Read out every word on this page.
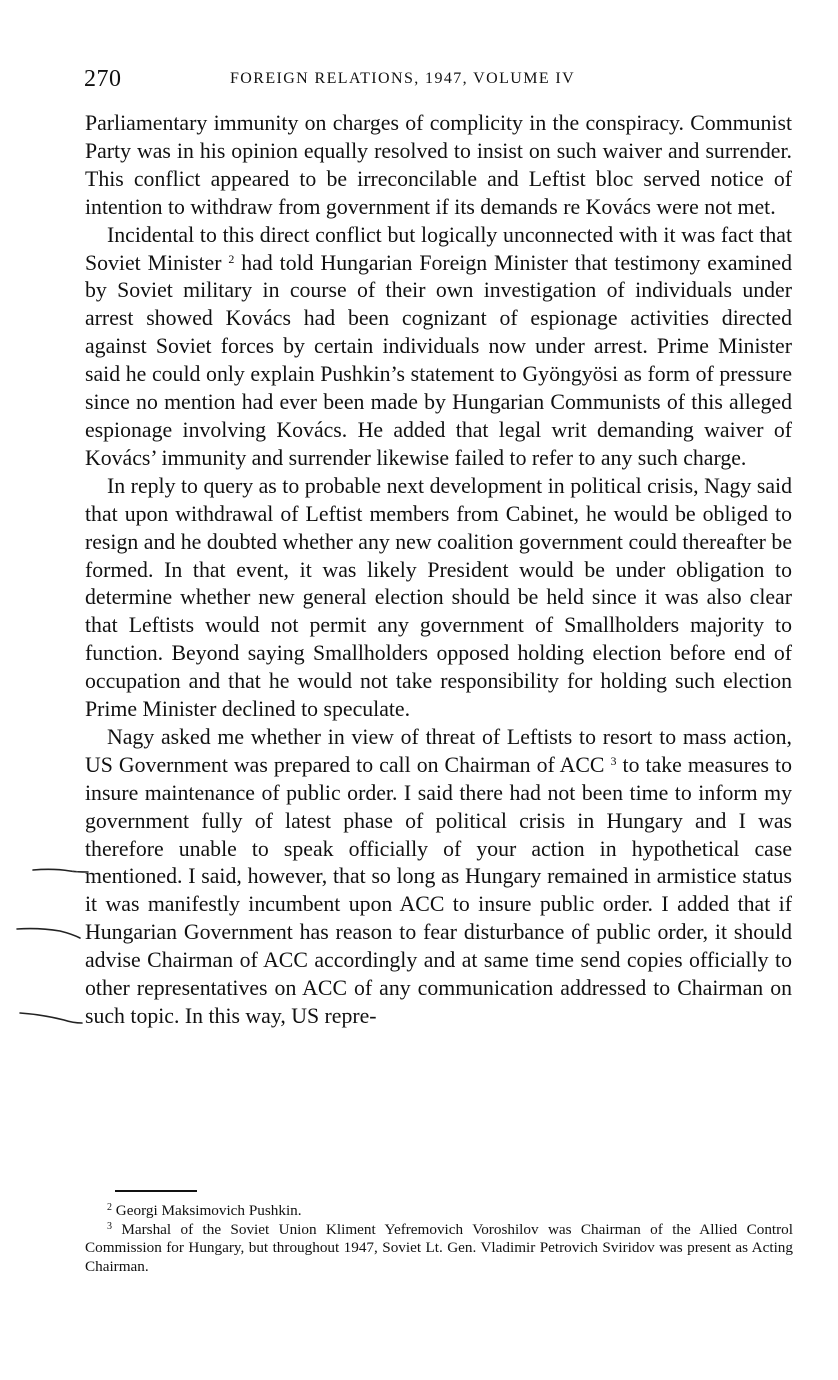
270	FOREIGN RELATIONS, 1947, VOLUME IV

Parliamentary immunity on charges of complicity in the conspiracy. Communist Party was in his opinion equally resolved to insist on such waiver and surrender. This conflict appeared to be irreconcilable and Leftist bloc served notice of intention to withdraw from government if its demands re Kovács were not met.

Incidental to this direct conflict but logically unconnected with it was fact that Soviet Minister $^2$ had told Hungarian Foreign Minister that testimony examined by Soviet military in course of their own investigation of individuals under arrest showed Kovács had been cognizant of espionage activities directed against Soviet forces by certain individuals now under arrest. Prime Minister said he could only explain Pushkin’s statement to Gyöngyösi as form of pressure since no mention had ever been made by Hungarian Communists of this alleged espionage involving Kovács. He added that legal writ demanding waiver of Kovács’ immunity and surrender likewise failed to refer to any such charge.

In reply to query as to probable next development in political crisis, Nagy said that upon withdrawal of Leftist members from Cabinet, he would be obliged to resign and he doubted whether any new coalition government could thereafter be formed. In that event, it was likely President would be under obligation to determine whether new general election should be held since it was also clear that Leftists would not permit any government of Smallholders majority to function. Beyond saying Smallholders opposed holding election before end of occupation and that he would not take responsibility for holding such election Prime Minister declined to speculate.

Nagy asked me whether in view of threat of Leftists to resort to mass action, US Government was prepared to call on Chairman of ACC $^3$ to take measures to insure maintenance of public order. I said there had not been time to inform my government fully of latest phase of political crisis in Hungary and I was therefore unable to speak officially of your action in hypothetical case mentioned. I said, however, that so long as Hungary remained in armistice status it was manifestly incumbent upon ACC to insure public order. I added that if Hungarian Government has reason to fear disturbance of public order, it should advise Chairman of ACC accordingly and at same time send copies officially to other representatives on ACC of any communication addressed to Chairman on such topic. In this way, US repre-

$^2$ Georgi Maksimovich Pushkin.

$^3$ Marshal of the Soviet Union Kliment Yefremovich Voroshilov was Chairman of the Allied Control Commission for Hungary, but throughout 1947, Soviet Lt. Gen. Vladimir Petrovich Sviridov was present as Acting Chairman.
